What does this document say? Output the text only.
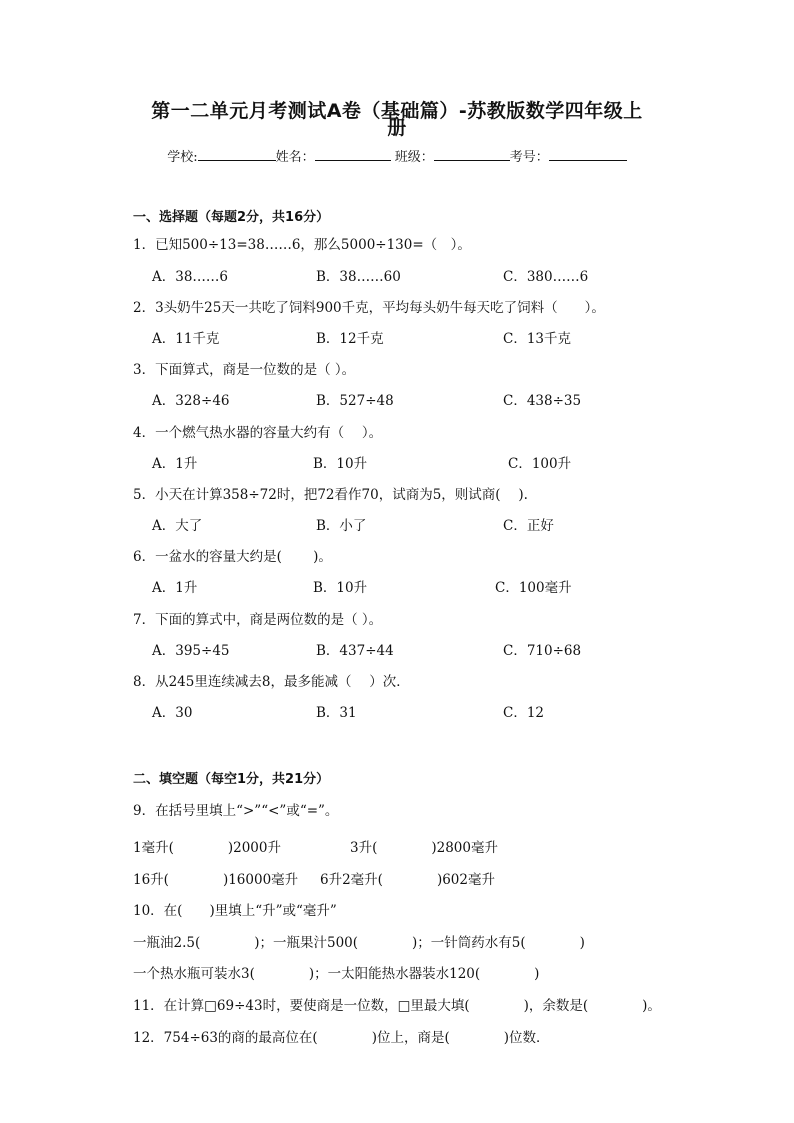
第一二单元月考测试A卷（基础篇）-苏教版数学四年级上
册
学校:	姓名：	班级：	考号：
一、选择题（每题2分，共16分）
1．已知500÷13=38……6，那么5000÷130=（　）。
A．38……6	B．38……60	C．380……6
2．3头奶牛25天一共吃了饲料900千克，平均每头奶牛每天吃了饲料（　　）。
A．11千克	B．12千克	C．13千克
3．下面算式，商是一位数的是（ ）。
A．328÷46	B．527÷48	C．438÷35
4．一个燃气热水器的容量大约有（　 ）。
A．1升	B．10升	C．100升
5．小天在计算358÷72时，把72看作70，试商为5，则试商(　 ).
A．大了	B．小了	C．正好
6．一盆水的容量大约是(　　 )。
A．1升	B．10升	C．100毫升
7．下面的算式中，商是两位数的是（ ）。
A．395÷45	B．437÷44	C．710÷68
8．从245里连续减去8，最多能减（　 ）次．
A．30	B．31	C．12
二、填空题（每空1分，共21分）
9．在括号里填上“>”“<”或“=”。
1毫升(　　　　)2000升	3升(　　　　)2800毫升
16升(　　　　)16000毫升 6升2毫升(　　　　)602毫升
10．在(　　)里填上“升”或“毫升”
一瓶油2.5(　　　　)；一瓶果汁500(　　　　)；一针筒药水有5(　　　　)
一个热水瓶可装水3(　　　　)；一太阳能热水器装水120(　　　　)
11．在计算□69÷43时，要使商是一位数，□里最大填(　　　　)，余数是(　　　　)。
12．754÷63的商的最高位在(　　　　)位上，商是(　　　　)位数．
